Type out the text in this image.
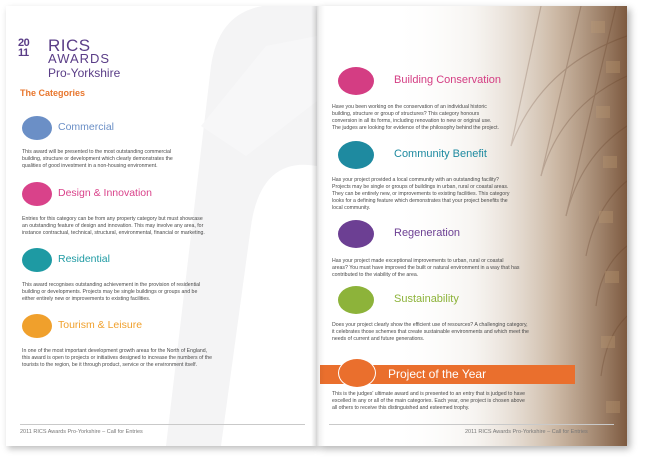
20
11	RICS
AWARDS
Pro-Yorkshire
The Categories
Commercial
This award will be presented to the most outstanding commercial
building, structure or development which clearly demonstrates the
qualities of good investment in a non-housing environment.
Design & Innovation
Entries for this category can be from any property category but must showcase
an outstanding feature of design and innovation. This may involve any area, for
instance contractual, technical, structural, environmental, financial or marketing.
Residential
This award recognises outstanding achievement in the provision of residential
building or developments. Projects may be single buildings or groups and be
either entirely new or improvements to existing facilities.
Tourism & Leisure
In one of the most important development growth areas for the North of England,
this award is open to projects or initiatives designed to increase the numbers of the
tourists to the region, be it through product, service or the environment itself.
2011 RICS Awards Pro-Yorkshire – Call for Entries
Building Conservation
Have you been working on the conservation of an individual historic
building, structure or group of structures? This category honours
conversion in all its forms, including renovation to new or original use.
The judges are looking for evidence of the philosophy behind the project.
Community Benefit
Has your project provided a local community with an outstanding facility?
Projects may be single or groups of buildings in urban, rural or coastal areas.
They can be entirely new, or improvements to existing facilities. This category
looks for a defining feature which demonstrates that your project benefits the
local community.
Regeneration
Has your project made exceptional improvements to urban, rural or coastal
areas? You must have improved the built or natural environment in a way that has
contributed to the viability of the area.
Sustainability
Does your project clearly show the efficient use of resources? A challenging category,
it celebrates those schemes that create sustainable environments and which meet the
needs of current and future generations.
Project of the Year
This is the judges' ultimate award and is presented to an entry that is judged to have
excelled in any or all of the main categories. Each year, one project is chosen above
all others to receive this distinguished and esteemed trophy.
2011 RICS Awards Pro-Yorkshire – Call for Entries
